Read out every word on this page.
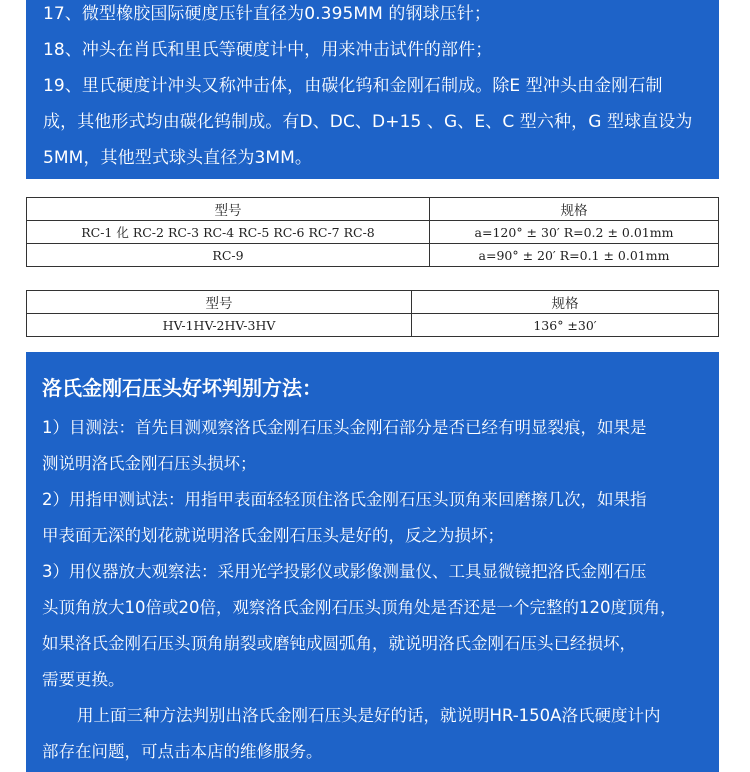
17、微型橡胶国际硬度压针直径为0.395MM 的钢球压针；

18、冲头在肖氏和里氏等硬度计中，用来冲击试件的部件；

19、里氏硬度计冲头又称冲击体，由碳化钨和金刚石制成。除E 型冲头由金刚石制

成，其他形式均由碳化钨制成。有D、DC、D+15 、G、E、C 型六种，G 型球直设为

5MM，其他型式球头直径为3MM。

型号	规格
RC-1 化 RC-2 RC-3 RC-4 RC-5 RC-6 RC-7 RC-8	a=120° ± 30′ R=0.2 ± 0.01mm
RC-9	a=90° ± 20′ R=0.1 ± 0.01mm
型号	规格
HV-1HV-2HV-3HV	136° ±30′
洛氏金刚石压头好坏判别方法：

1）目测法：首先目测观察洛氏金刚石压头金刚石部分是否已经有明显裂痕，如果是

测说明洛氏金刚石压头损坏；

2）用指甲测试法：用指甲表面轻轻顶住洛氏金刚石压头顶角来回磨擦几次，如果指

甲表面无深的划花就说明洛氏金刚石压头是好的，反之为损坏；

3）用仪器放大观察法：采用光学投影仪或影像测量仪、工具显微镜把洛氏金刚石压

头顶角放大10倍或20倍，观察洛氏金刚石压头顶角处是否还是一个完整的120度顶角，

如果洛氏金刚石压头顶角崩裂或磨钝成圆弧角，就说明洛氏金刚石压头已经损坏，

需要更换。

用上面三种方法判别出洛氏金刚石压头是好的话，就说明HR-150A洛氏硬度计内

部存在问题，可点击本店的维修服务。
